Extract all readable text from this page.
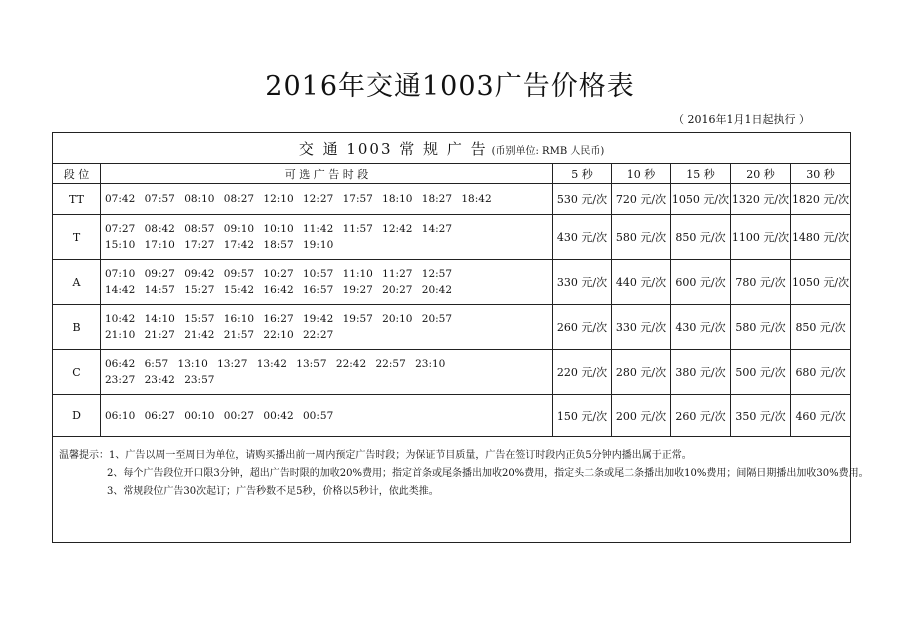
2016年交通1003广告价格表
（ 2016年1月1日起执行 ）
交 通 1003 常 规 广 告 (币别单位: RMB 人民币)						
段 位	可 选 广 告 时 段	5 秒	10 秒	15 秒	20 秒	30 秒
TT	07:42 07:57 08:10 08:27 12:10 12:27 17:57 18:10 18:27 18:42	530 元/次	720 元/次	1050 元/次	1320 元/次	1820 元/次
T	07:27 08:42 08:57 09:10 10:10 11:42 11:57 12:42 14:27
15:10 17:10 17:27 17:42 18:57 19:10	430 元/次	580 元/次	850 元/次	1100 元/次	1480 元/次
A	07:10 09:27 09:42 09:57 10:27 10:57 11:10 11:27 12:57
14:42 14:57 15:27 15:42 16:42 16:57 19:27 20:27 20:42	330 元/次	440 元/次	600 元/次	780 元/次	1050 元/次
B	10:42 14:10 15:57 16:10 16:27 19:42 19:57 20:10 20:57
21:10 21:27 21:42 21:57 22:10 22:27	260 元/次	330 元/次	430 元/次	580 元/次	850 元/次
C	06:42 6:57 13:10 13:27 13:42 13:57 22:42 22:57 23:10
23:27 23:42 23:57	220 元/次	280 元/次	380 元/次	500 元/次	680 元/次
D	06:10 06:27 00:10 00:27 00:42 00:57	150 元/次	200 元/次	260 元/次	350 元/次	460 元/次

温馨提示：1、广告以周一至周日为单位，请购买播出前一周内预定广告时段；为保证节目质量，广告在签订时段内正负5分钟内播出属于正常。
2、每个广告段位开口限3分钟，超出广告时限的加收20%费用；指定首条或尾条播出加收20%费用，指定头二条或尾二条播出加收10%费用；间隔日期播出加收30%费用。
3、常规段位广告30次起订；广告秒数不足5秒，价格以5秒计，依此类推。						
